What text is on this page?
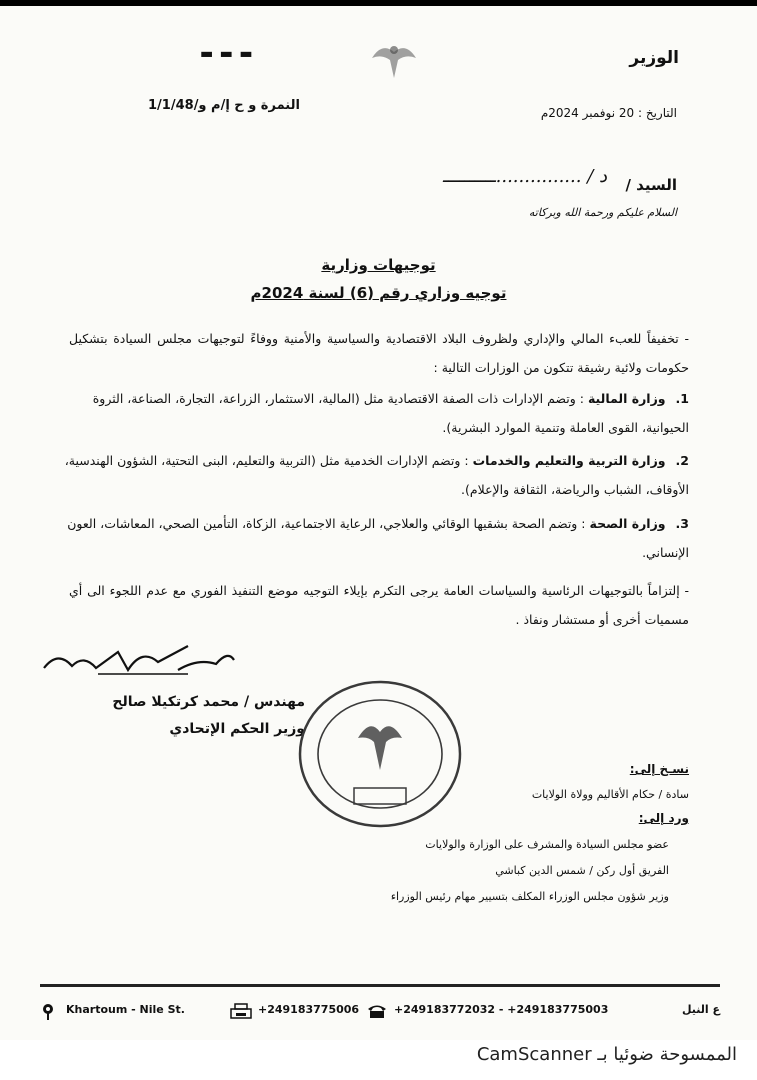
الوزير
▬ ▬ ▬
النمرة و ح إ/م و/1/1/48	التاريخ : 20 نوفمبر 2024م
السيد /
د / ...............ــــــــــ
السلام عليكم ورحمة الله وبركاته
توجيهات وزارية
توجيه وزاري رقم (6) لسنة 2024م
- تخفيفاً للعبء المالي والإداري ولظروف البلاد الاقتصادية والسياسية والأمنية ووفاءً لتوجيهات مجلس السيادة بتشكيل حكومات ولائية رشيقة تتكون من الوزارات التالية :
1. وزارة المالية : وتضم الإدارات ذات الصفة الاقتصادية مثل (المالية، الاستثمار، الزراعة، التجارة، الصناعة، الثروة الحيوانية، القوى العاملة وتنمية الموارد البشرية).
2. وزارة التربية والتعليم والخدمات : وتضم الإدارات الخدمية مثل (التربية والتعليم، البنى التحتية، الشؤون الهندسية، الأوقاف، الشباب والرياضة، الثقافة والإعلام).
3. وزارة الصحة : وتضم الصحة بشقيها الوقائي والعلاجي، الرعاية الاجتماعية، الزكاة، التأمين الصحي، المعاشات، العون الإنساني.
- إلتزاماً بالتوجيهات الرئاسية والسياسات العامة يرجى التكرم بإيلاء التوجيه موضع التنفيذ الفوري مع عدم اللجوء الى أي مسميات أخرى أو مستشار ونفاذ .
مهندس / محمد كرتكيلا صالح
وزير الحكم الإتحادي
نسـخ إلى:
سادة / حكام الأقاليم وولاة الولايات
ورد إلى:
عضو مجلس السيادة والمشرف على الوزارة والولايات
الفريق أول ركن / شمس الدين كباشي
وزير شؤون مجلس الوزراء المكلف بتسيير مهام رئيس الوزراء
Khartoum - Nile St.	+249183775006	+249183772032 - +249183775003	ع النيل
الممسوحة ضوئيا بـ CamScanner
